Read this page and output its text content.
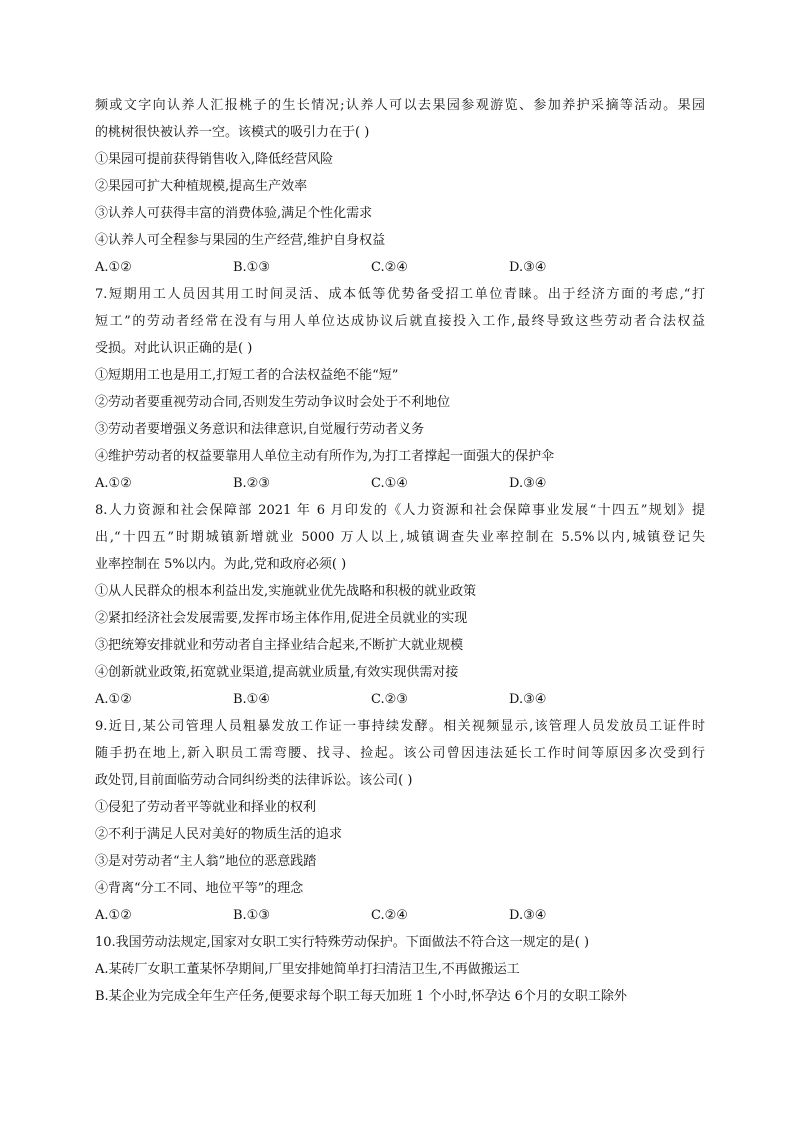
频或文字向认养人汇报桃子的生长情况;认养人可以去果园参观游览、参加养护采摘等活动。果园
的桃树很快被认养一空。该模式的吸引力在于( )
①果园可提前获得销售收入,降低经营风险
②果园可扩大种植规模,提高生产效率
③认养人可获得丰富的消费体验,满足个性化需求
④认养人可全程参与果园的生产经营,维护自身权益
A.①②	B.①③	C.②④	D.③④
7.短期用工人员因其用工时间灵活、成本低等优势备受招工单位青睐。出于经济方面的考虑,“打
短工”的劳动者经常在没有与用人单位达成协议后就直接投入工作,最终导致这些劳动者合法权益
受损。对此认识正确的是( )
①短期用工也是用工,打短工者的合法权益绝不能“短”
②劳动者要重视劳动合同,否则发生劳动争议时会处于不利地位
③劳动者要增强义务意识和法律意识,自觉履行劳动者义务
④维护劳动者的权益要靠用人单位主动有所作为,为打工者撑起一面强大的保护伞
A.①②	B.②③	C.①④	D.③④
8.人力资源和社会保障部 2021 年 6 月印发的《人力资源和社会保障事业发展“十四五”规划》提
出,“十四五”时期城镇新增就业 5000 万人以上,城镇调查失业率控制在 5.5%以内,城镇登记失
业率控制在 5%以内。为此,党和政府必须( )
①从人民群众的根本利益出发,实施就业优先战略和积极的就业政策
②紧扣经济社会发展需要,发挥市场主体作用,促进全员就业的实现
③把统筹安排就业和劳动者自主择业结合起来,不断扩大就业规模
④创新就业政策,拓宽就业渠道,提高就业质量,有效实现供需对接
A.①②	B.①④	C.②③	D.③④
9.近日,某公司管理人员粗暴发放工作证一事持续发酵。相关视频显示,该管理人员发放员工证件时
随手扔在地上,新入职员工需弯腰、找寻、捡起。该公司曾因违法延长工作时间等原因多次受到行
政处罚,目前面临劳动合同纠纷类的法律诉讼。该公司( )
①侵犯了劳动者平等就业和择业的权利
②不利于满足人民对美好的物质生活的追求
③是对劳动者“主人翁”地位的恶意践踏
④背离“分工不同、地位平等”的理念
A.①②	B.①③	C.②④	D.③④
10.我国劳动法规定,国家对女职工实行特殊劳动保护。下面做法不符合这一规定的是( )
A.某砖厂女职工董某怀孕期间,厂里安排她简单打扫清洁卫生,不再做搬运工
B.某企业为完成全年生产任务,便要求每个职工每天加班 1 个小时,怀孕达 6个月的女职工除外
